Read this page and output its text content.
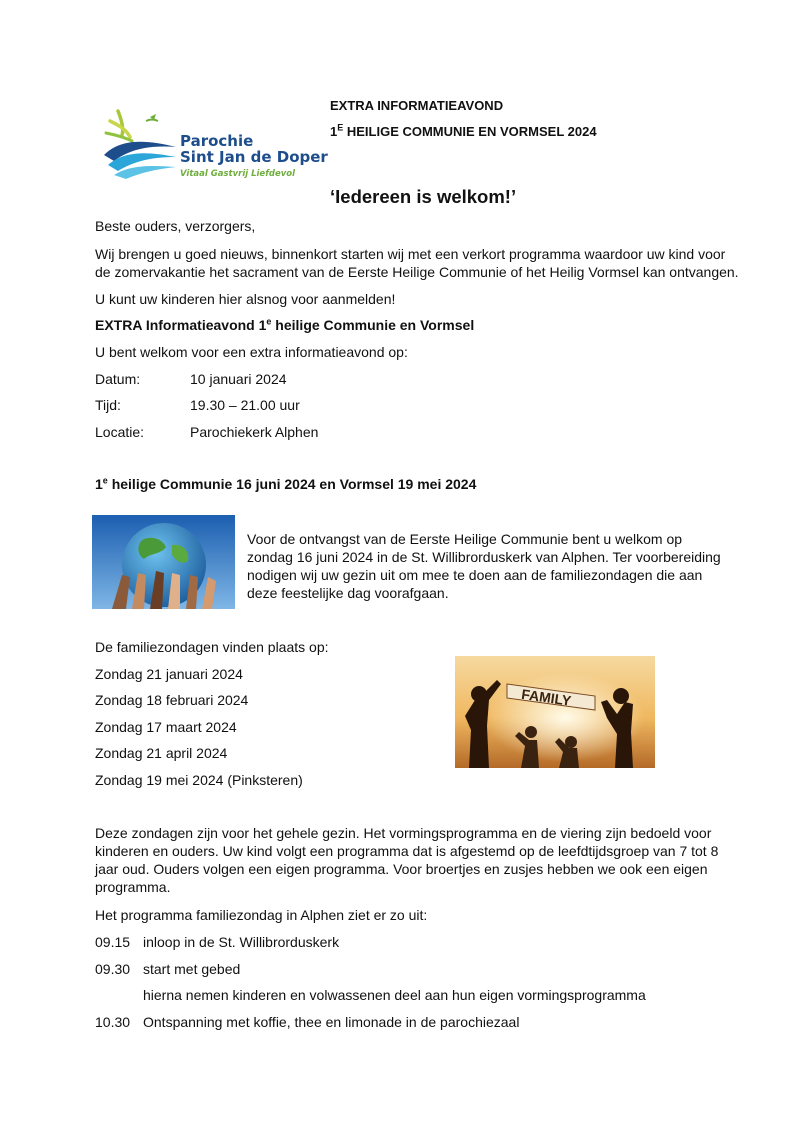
Parochie
Sint Jan de Doper
Vitaal Gastvrij Liefdevol
EXTRA INFORMATIEAVOND
$1^E$ HEILIGE COMMUNIE EN VORMSEL 2024
‘Iedereen is welkom!’
Beste ouders, verzorgers,
Wij brengen u goed nieuws, binnenkort starten wij met een verkort programma waardoor uw kind voor
de zomervakantie het sacrament van de Eerste Heilige Communie of het Heilig Vormsel kan ontvangen.
U kunt uw kinderen hier alsnog voor aanmelden!
EXTRA Informatieavond 1e heilige Communie en Vormsel
U bent welkom voor een extra informatieavond op:
Datum:	10 januari 2024
Tijd:	19.30 – 21.00 uur
Locatie:	Parochiekerk Alphen
1e heilige Communie 16 juni 2024 en Vormsel 19 mei 2024
Voor de ontvangst van de Eerste Heilige Communie bent u welkom op
zondag 16 juni 2024 in de St. Willibrorduskerk van Alphen. Ter voorbereiding
nodigen wij uw gezin uit om mee te doen aan de familiezondagen die aan
deze feestelijke dag voorafgaan.
De familiezondagen vinden plaats op:
Zondag 21 januari 2024
Zondag 18 februari 2024
Zondag 17 maart 2024
Zondag 21 april 2024
Zondag 19 mei 2024 (Pinksteren)
FAMILY
Deze zondagen zijn voor het gehele gezin. Het vormingsprogramma en de viering zijn bedoeld voor
kinderen en ouders. Uw kind volgt een programma dat is afgestemd op de leefdtijdsgroep van 7 tot 8
jaar oud. Ouders volgen een eigen programma. Voor broertjes en zusjes hebben we ook een eigen
programma.
Het programma familiezondag in Alphen ziet er zo uit:
09.15 inloop in de St. Willibrorduskerk
09.30 start met gebed
hierna nemen kinderen en volwassenen deel aan hun eigen vormingsprogramma
10.30 Ontspanning met koffie, thee en limonade in de parochiezaal
